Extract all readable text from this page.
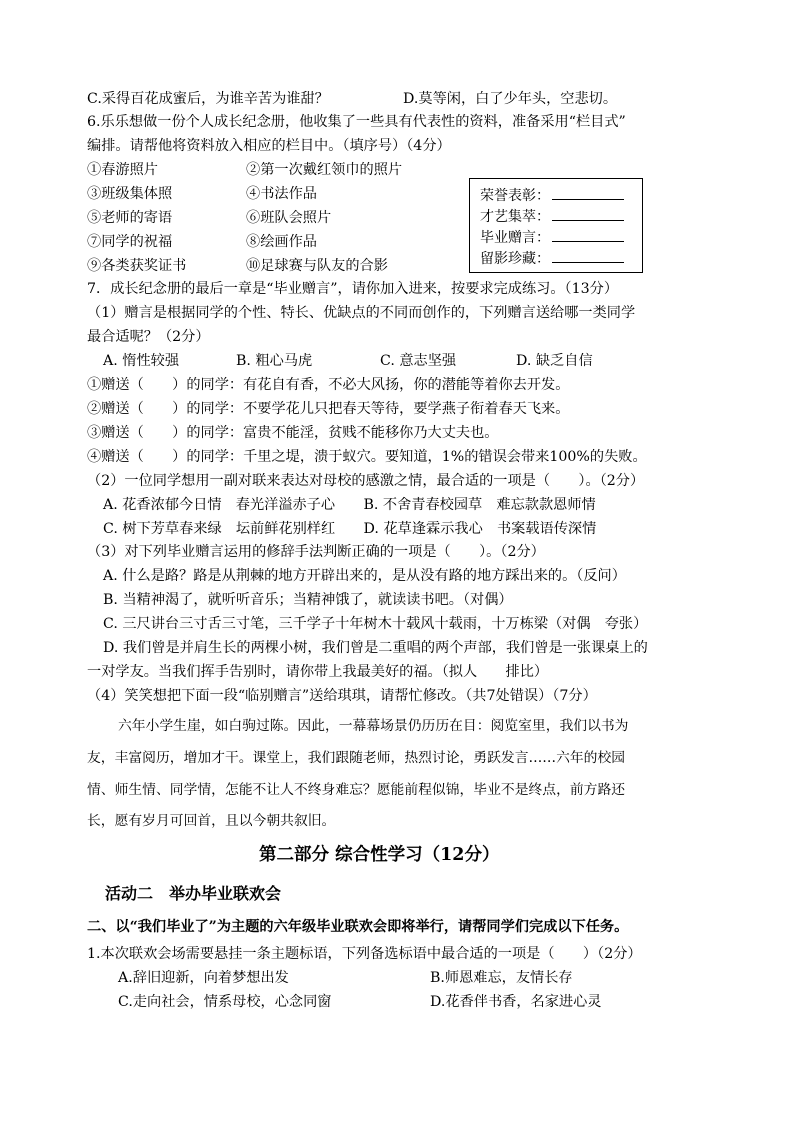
C.采得百花成蜜后，为谁辛苦为谁甜？	D.莫等闲，白了少年头，空悲切。
6.乐乐想做一份个人成长纪念册，他收集了一些具有代表性的资料，准备采用“栏目式”
编排。请帮他将资料放入相应的栏目中。（填序号）（4分）
①春游照片	②第一次戴红领巾的照片
③班级集体照	④书法作品
⑤老师的寄语	⑥班队会照片
⑦同学的祝福	⑧绘画作品
⑨各类获奖证书	⑩足球赛与队友的合影
荣誉表彰：
才艺集萃：
毕业赠言：
留影珍藏：
7．成长纪念册的最后一章是“毕业赠言”，请你加入进来，按要求完成练习。（13分）
（1）赠言是根据同学的个性、特长、优缺点的不同而创作的，下列赠言送给哪一类同学
最合适呢？（2分）
A. 惰性较强	B. 粗心马虎	C. 意志坚强	D. 缺乏自信
①赠送（　　）的同学：有花自有香，不必大风扬，你的潜能等着你去开发。
②赠送（　　）的同学：不要学花儿只把春天等待，要学燕子衔着春天飞来。
③赠送（　　）的同学：富贵不能淫，贫贱不能移你乃大丈夫也。
④赠送（　　）的同学：千里之堤，溃于蚁穴。要知道，1%的错误会带来100%的失败。
（2）一位同学想用一副对联来表达对母校的感激之情，最合适的一项是（　　）。（2分）
A. 花香浓郁今日情　春光洋溢赤子心　　B. 不舍青春校园草　难忘款款恩师情
C. 树下芳草春来绿　坛前鲜花别样红　　D. 花草逢霖示我心　书案载语传深情
（3）对下列毕业赠言运用的修辞手法判断正确的一项是（　　）。（2分）
A. 什么是路？路是从荆棘的地方开辟出来的，是从没有路的地方踩出来的。（反问）
B. 当精神渴了，就听听音乐；当精神饿了，就读读书吧。（对偶）
C. 三尺讲台三寸舌三寸笔，三千学子十年树木十载风十载雨，十万栋梁（对偶　夸张）
D. 我们曾是并肩生长的两棵小树，我们曾是二重唱的两个声部，我们曾是一张课桌上的
一对学友。当我们挥手告别时，请你带上我最美好的福。（拟人　　排比）
（4）笑笑想把下面一段“临别赠言”送给琪琪，请帮忙修改。（共7处错误）（7分）
六年小学生崖，如白驹过陈。因此，一幕幕场景仍历历在目：阅览室里，我们以书为
友，丰富阅历，增加才干。课堂上，我们跟随老师，热烈讨论，勇跃发言……六年的校园
情、师生情、同学情，怎能不让人不终身难忘？愿能前程似锦，毕业不是终点，前方路还
长，愿有岁月可回首，且以今朝共叙旧。
第二部分 综合性学习（12分）
活动二　举办毕业联欢会
二、以“我们毕业了”为主题的六年级毕业联欢会即将举行，请帮同学们完成以下任务。
1.本次联欢会场需要悬挂一条主题标语，下列备选标语中最合适的一项是（　　）（2分）
A.辞旧迎新，向着梦想出发	B.师恩难忘，友情长存
C.走向社会，情系母校，心念同窗	D.花香伴书香，名家进心灵
